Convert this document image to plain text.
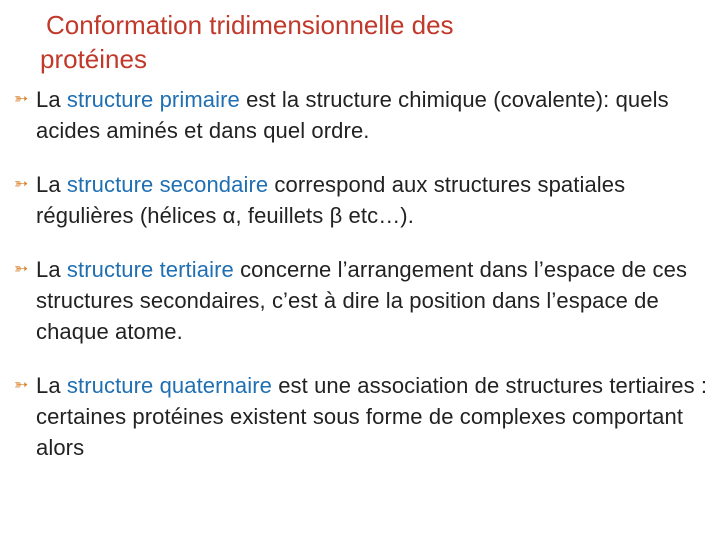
Conformation tridimensionnelle des
protéines
➳ La structure primaire est la structure chimique (covalente): quels acides aminés et dans quel ordre.
➳ La structure secondaire correspond aux structures spatiales régulières (hélices α, feuillets β etc…).
➳ La structure tertiaire concerne l’arrangement dans l’espace de ces structures secondaires, c’est à dire la position dans l’espace de chaque atome.
➳ La structure quaternaire est une association de structures tertiaires : certaines protéines existent sous forme de complexes comportant alors
